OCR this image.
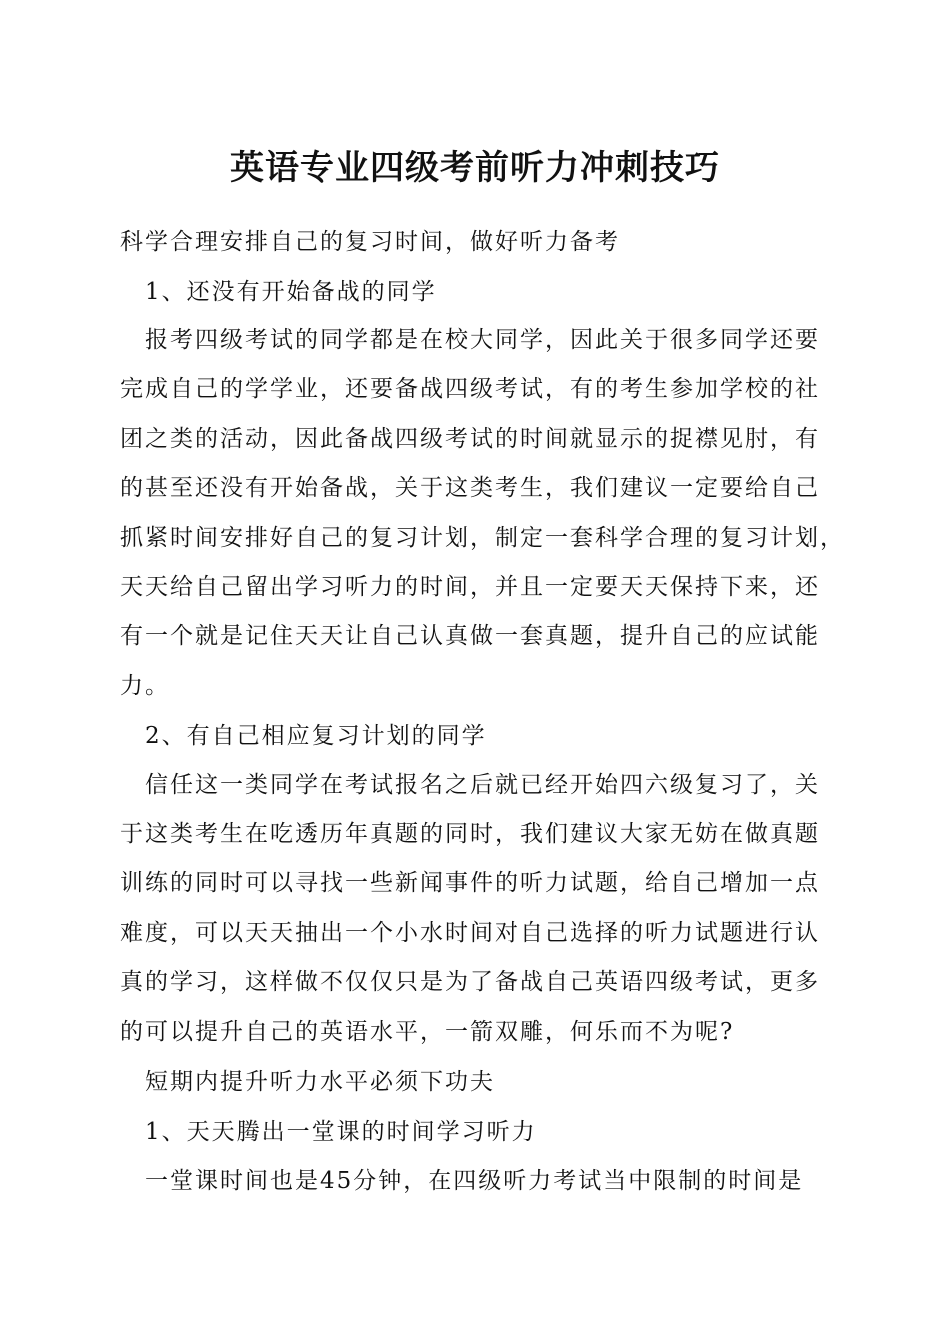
英语专业四级考前听力冲刺技巧
科学合理安排自己的复习时间，做好听力备考
1、还没有开始备战的同学
报考四级考试的同学都是在校大同学，因此关于很多同学还要
完成自己的学学业，还要备战四级考试，有的考生参加学校的社
团之类的活动，因此备战四级考试的时间就显示的捉襟见肘，有
的甚至还没有开始备战，关于这类考生，我们建议一定要给自己
抓紧时间安排好自己的复习计划，制定一套科学合理的复习计划，
天天给自己留出学习听力的时间，并且一定要天天保持下来，还
有一个就是记住天天让自己认真做一套真题，提升自己的应试能
力。
2、有自己相应复习计划的同学
信任这一类同学在考试报名之后就已经开始四六级复习了，关
于这类考生在吃透历年真题的同时，我们建议大家无妨在做真题
训练的同时可以寻找一些新闻事件的听力试题，给自己增加一点
难度，可以天天抽出一个小水时间对自己选择的听力试题进行认
真的学习，这样做不仅仅只是为了备战自己英语四级考试，更多
的可以提升自己的英语水平，一箭双雕，何乐而不为呢?
短期内提升听力水平必须下功夫
1、天天腾出一堂课的时间学习听力
一堂课时间也是45分钟，在四级听力考试当中限制的时间是
